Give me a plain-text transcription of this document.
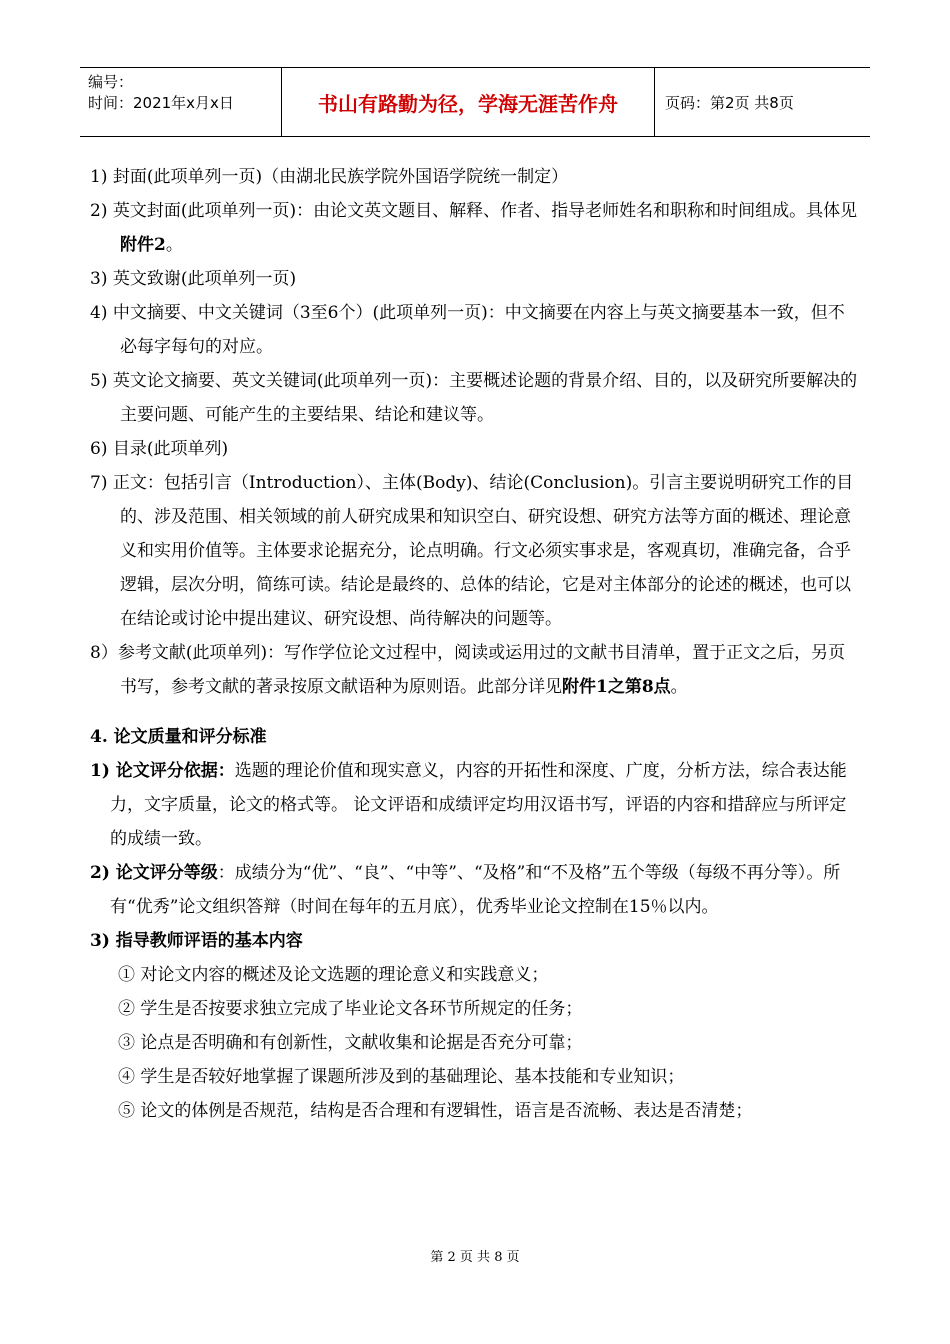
编号：
时间：2021年x月x日	书山有路勤为径，学海无涯苦作舟	页码：第2页 共8页
1) 封面(此项单列一页)（由湖北民族学院外国语学院统一制定）
2) 英文封面(此项单列一页)：由论文英文题目、解释、作者、指导老师姓名和职称和时间组成。具体见附件2。
3) 英文致谢(此项单列一页)
4) 中文摘要、中文关键词（3至6个）(此项单列一页)：中文摘要在内容上与英文摘要基本一致，但不必每字每句的对应。
5) 英文论文摘要、英文关键词(此项单列一页)：主要概述论题的背景介绍、目的，以及研究所要解决的主要问题、可能产生的主要结果、结论和建议等。
6) 目录(此项单列)
7) 正文：包括引言（Introduction）、主体(Body)、结论(Conclusion)。引言主要说明研究工作的目的、涉及范围、相关领域的前人研究成果和知识空白、研究设想、研究方法等方面的概述、理论意义和实用价值等。主体要求论据充分，论点明确。行文必须实事求是，客观真切，准确完备，合乎逻辑，层次分明，简练可读。结论是最终的、总体的结论，它是对主体部分的论述的概述，也可以在结论或讨论中提出建议、研究设想、尚待解决的问题等。
8）参考文献(此项单列)：写作学位论文过程中，阅读或运用过的文献书目清单，置于正文之后，另页书写，参考文献的著录按原文献语种为原则语。此部分详见附件1之第8点。
4. 论文质量和评分标准
1) 论文评分依据：选题的理论价值和现实意义，内容的开拓性和深度、广度，分析方法，综合表达能力，文字质量，论文的格式等。 论文评语和成绩评定均用汉语书写，评语的内容和措辞应与所评定的成绩一致。
2) 论文评分等级：成绩分为“优”、“良”、“中等”、“及格”和“不及格”五个等级（每级不再分等）。所有“优秀”论文组织答辩（时间在每年的五月底），优秀毕业论文控制在15％以内。
3) 指导教师评语的基本内容
① 对论文内容的概述及论文选题的理论意义和实践意义；
② 学生是否按要求独立完成了毕业论文各环节所规定的任务；
③ 论点是否明确和有创新性，文献收集和论据是否充分可靠；
④ 学生是否较好地掌握了课题所涉及到的基础理论、基本技能和专业知识；
⑤ 论文的体例是否规范，结构是否合理和有逻辑性，语言是否流畅、表达是否清楚；
第 2 页 共 8 页
